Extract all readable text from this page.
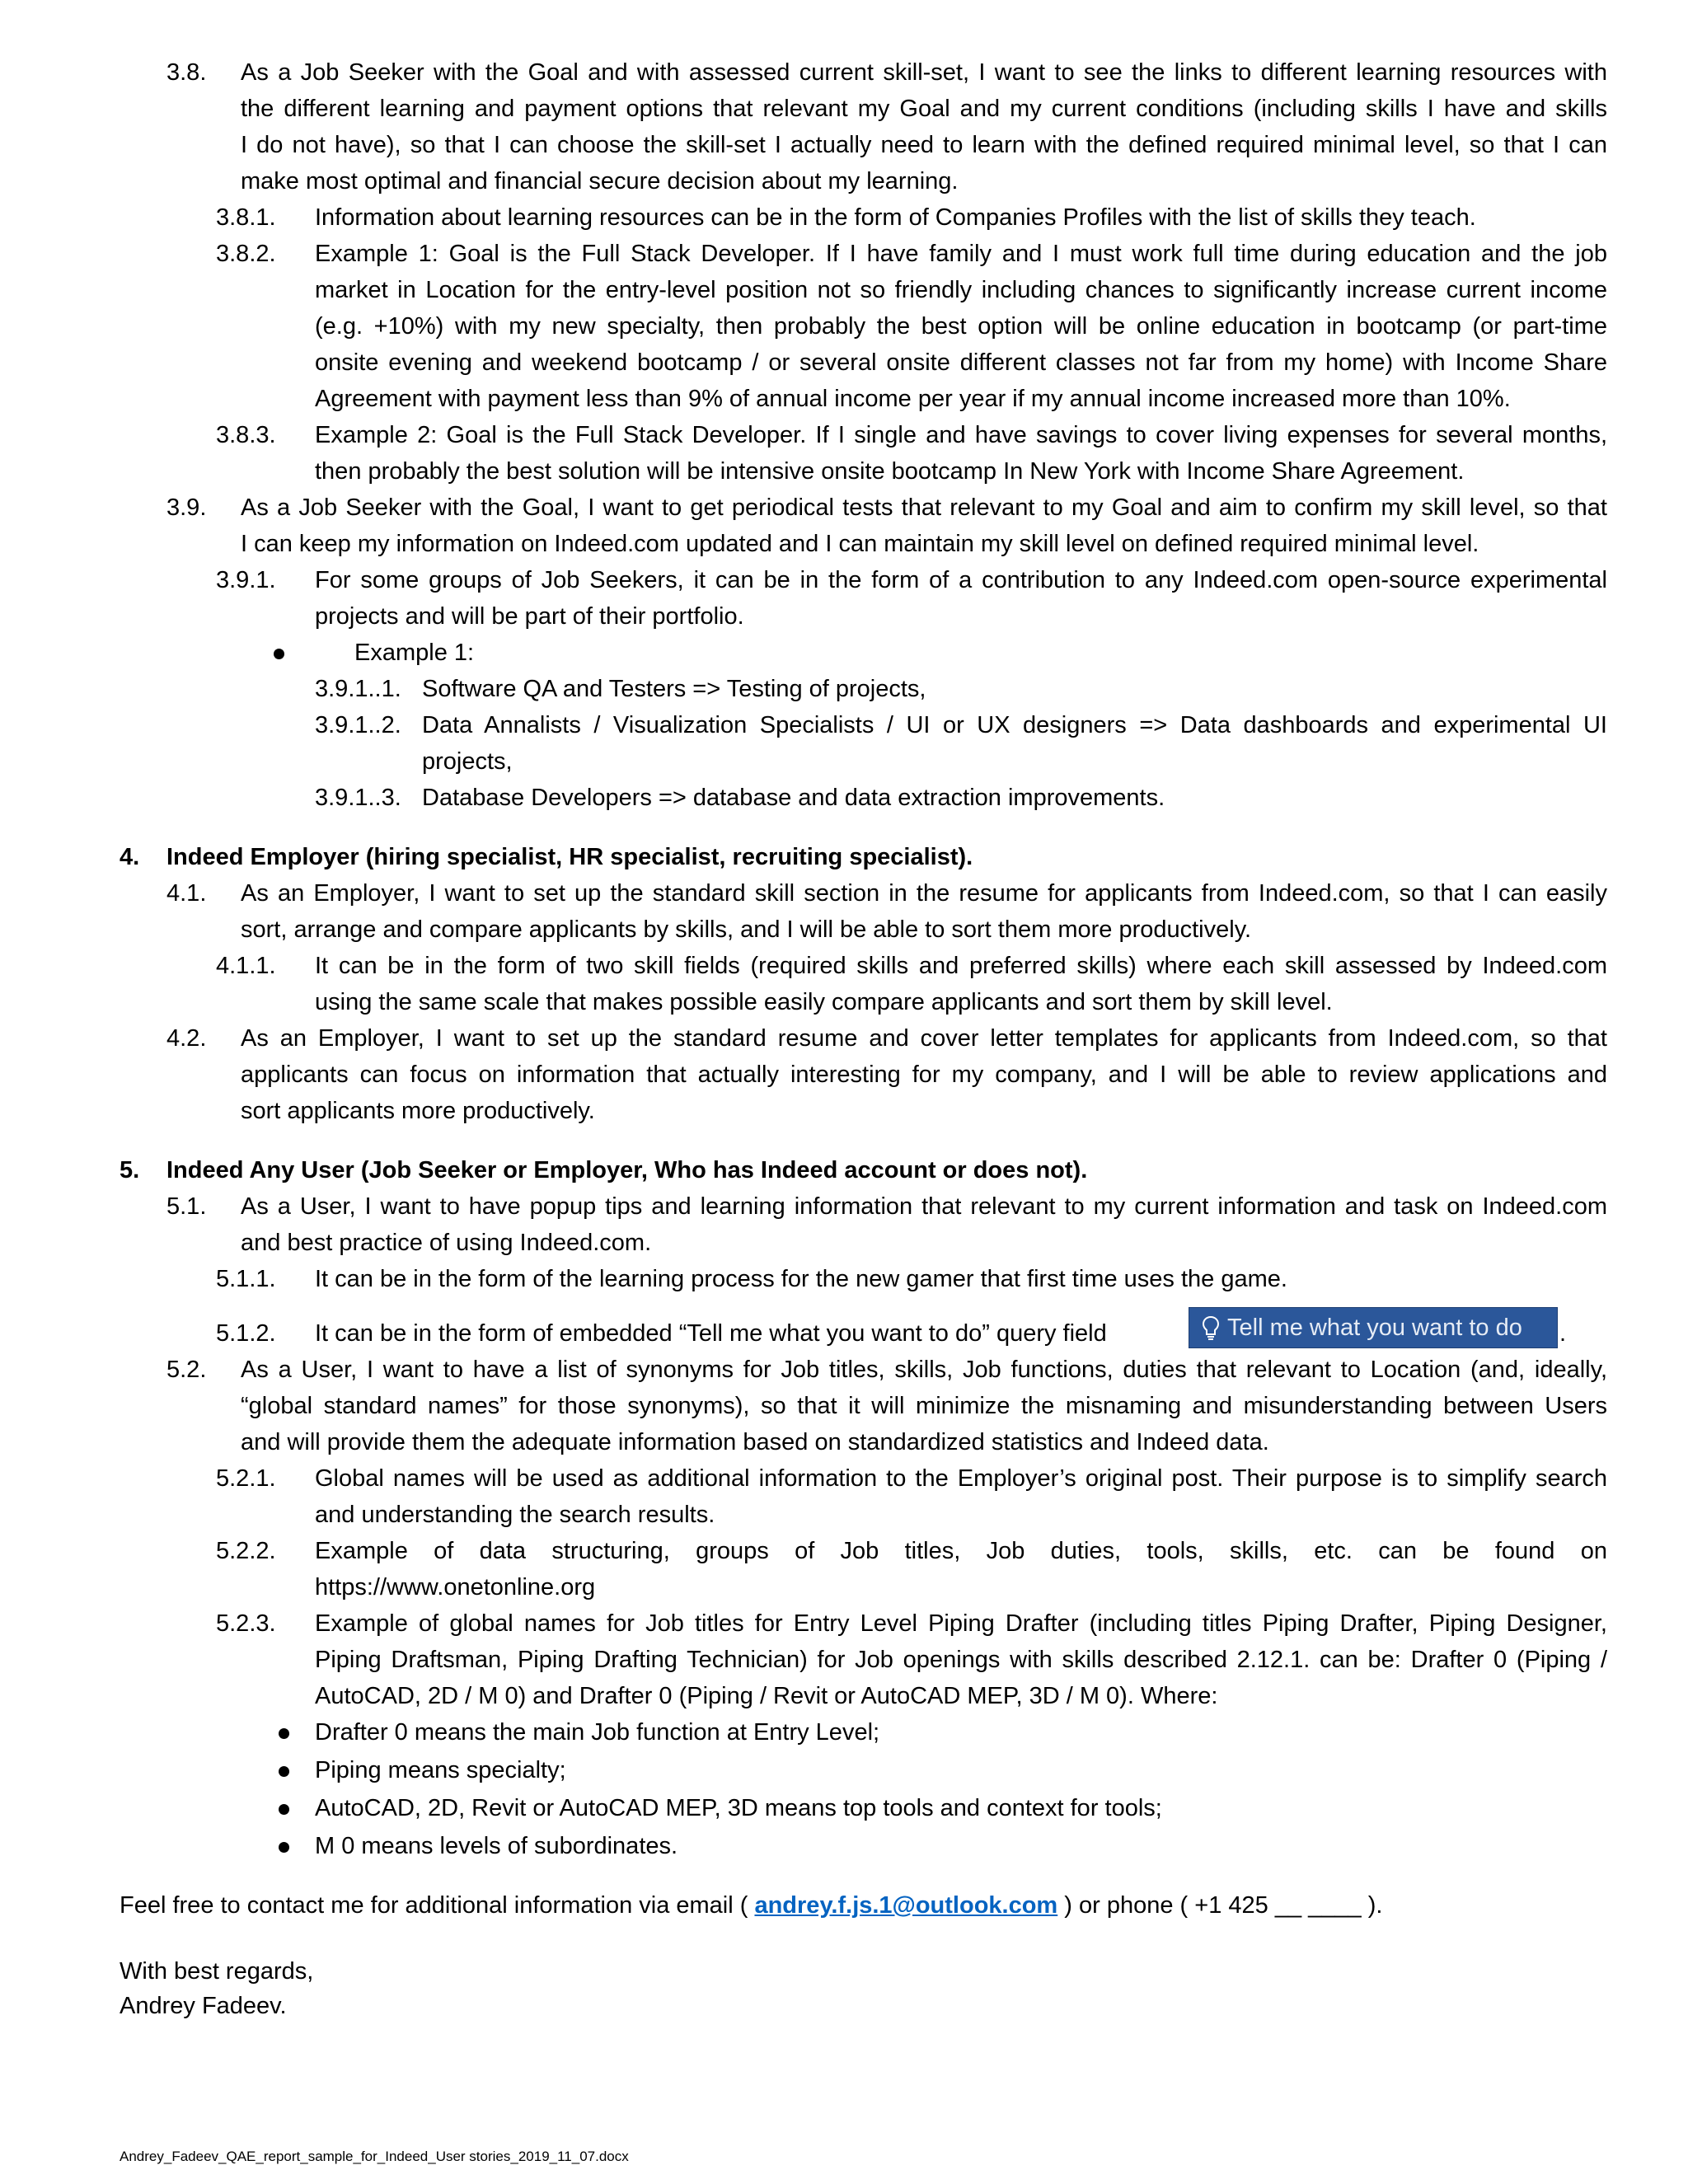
3.8. As a Job Seeker with the Goal and with assessed current skill-set, I want to see the links to different learning resources with
the different learning and payment options that relevant my Goal and my current conditions (including skills I have and skills
I do not have), so that I can choose the skill-set I actually need to learn with the defined required minimal level, so that I can
make most optimal and financial secure decision about my learning.
3.8.1. Information about learning resources can be in the form of Companies Profiles with the list of skills they teach.
3.8.2. Example 1: Goal is the Full Stack Developer. If I have family and I must work full time during education and the job
market in Location for the entry-level position not so friendly including chances to significantly increase current income
(e.g. +10%) with my new specialty, then probably the best option will be online education in bootcamp (or part-time
onsite evening and weekend bootcamp / or several onsite different classes not far from my home) with Income Share
Agreement with payment less than 9% of annual income per year if my annual income increased more than 10%.
3.8.3. Example 2: Goal is the Full Stack Developer. If I single and have savings to cover living expenses for several months,
then probably the best solution will be intensive onsite bootcamp In New York with Income Share Agreement.
3.9. As a Job Seeker with the Goal, I want to get periodical tests that relevant to my Goal and aim to confirm my skill level, so that
I can keep my information on Indeed.com updated and I can maintain my skill level on defined required minimal level.
3.9.1. For some groups of Job Seekers, it can be in the form of a contribution to any Indeed.com open-source experimental
projects and will be part of their portfolio.
Example 1:
3.9.1..1. Software QA and Testers => Testing of projects,
3.9.1..2. Data Annalists / Visualization Specialists / UI or UX designers => Data dashboards and experimental UI
projects,
3.9.1..3. Database Developers => database and data extraction improvements.
4. Indeed Employer (hiring specialist, HR specialist, recruiting specialist).
4.1. As an Employer, I want to set up the standard skill section in the resume for applicants from Indeed.com, so that I can easily
sort, arrange and compare applicants by skills, and I will be able to sort them more productively.
4.1.1. It can be in the form of two skill fields (required skills and preferred skills) where each skill assessed by Indeed.com
using the same scale that makes possible easily compare applicants and sort them by skill level.
4.2. As an Employer, I want to set up the standard resume and cover letter templates for applicants from Indeed.com, so that
applicants can focus on information that actually interesting for my company, and I will be able to review applications and
sort applicants more productively.
5. Indeed Any User (Job Seeker or Employer, Who has Indeed account or does not).
5.1. As a User, I want to have popup tips and learning information that relevant to my current information and task on Indeed.com
and best practice of using Indeed.com.
5.1.1. It can be in the form of the learning process for the new gamer that first time uses the game.
5.1.2. It can be in the form of embedded “Tell me what you want to do” query field	Tell me what you want to do .
5.2. As a User, I want to have a list of synonyms for Job titles, skills, Job functions, duties that relevant to Location (and, ideally,
“global standard names” for those synonyms), so that it will minimize the misnaming and misunderstanding between Users
and will provide them the adequate information based on standardized statistics and Indeed data.
5.2.1. Global names will be used as additional information to the Employer’s original post. Their purpose is to simplify search
and understanding the search results.
5.2.2. Example of data structuring, groups of Job titles, Job duties, tools, skills, etc. can be found on
https://www.onetonline.org
5.2.3. Example of global names for Job titles for Entry Level Piping Drafter (including titles Piping Drafter, Piping Designer,
Piping Draftsman, Piping Drafting Technician) for Job openings with skills described 2.12.1. can be: Drafter 0 (Piping /
AutoCAD, 2D / M 0) and Drafter 0 (Piping / Revit or AutoCAD MEP, 3D / M 0). Where:
Drafter 0 means the main Job function at Entry Level;
Piping means specialty;
AutoCAD, 2D, Revit or AutoCAD MEP, 3D means top tools and context for tools;
M 0 means levels of subordinates.
Feel free to contact me for additional information via email ( andrey.f.js.1@outlook.com ) or phone ( +1 425 __ ____ ).
With best regards,
Andrey Fadeev.
Andrey_Fadeev_QAE_report_sample_for_Indeed_User stories_2019_11_07.docx
